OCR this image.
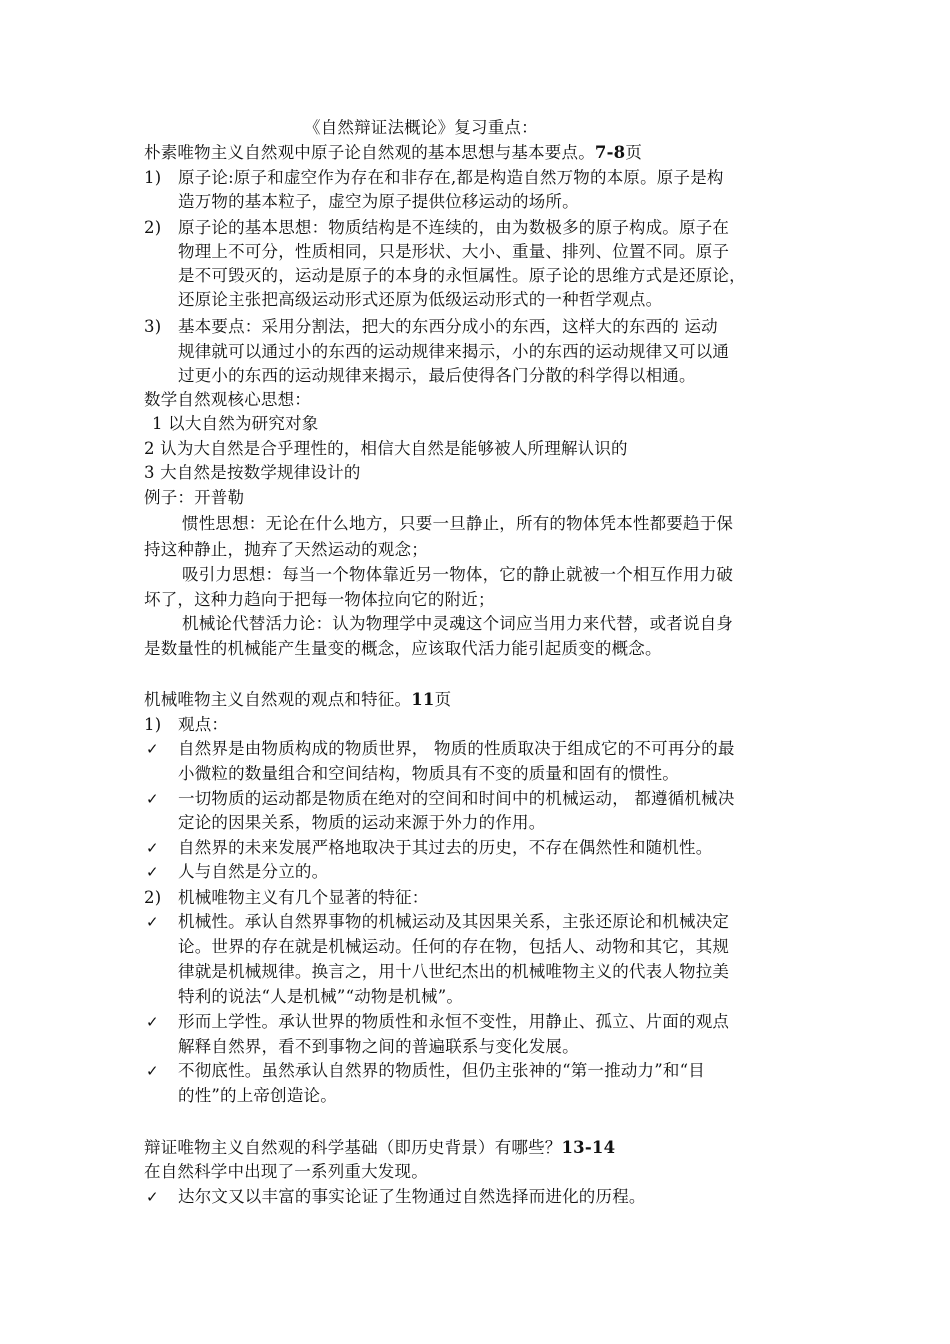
《自然辩证法概论》复习重点：
朴素唯物主义自然观中原子论自然观的基本思想与基本要点。7-8页
1)	原子论:原子和虚空作为存在和非存在,都是构造自然万物的本原。原子是构
造万物的基本粒子，虚空为原子提供位移运动的场所。
2)	原子论的基本思想：物质结构是不连续的，由为数极多的原子构成。原子在
物理上不可分，性质相同，只是形状、大小、重量、排列、位置不同。原子
是不可毁灭的，运动是原子的本身的永恒属性。原子论的思维方式是还原论，
还原论主张把高级运动形式还原为低级运动形式的一种哲学观点。
3)	基本要点：采用分割法，把大的东西分成小的东西，这样大的东西的 运动
规律就可以通过小的东西的运动规律来揭示，小的东西的运动规律又可以通
过更小的东西的运动规律来揭示，最后使得各门分散的科学得以相通。
数学自然观核心思想：
1 以大自然为研究对象
2 认为大自然是合乎理性的，相信大自然是能够被人所理解认识的
3 大自然是按数学规律设计的
例子：开普勒
惯性思想：无论在什么地方，只要一旦静止，所有的物体凭本性都要趋于保
持这种静止，抛弃了天然运动的观念；
吸引力思想：每当一个物体靠近另一物体，它的静止就被一个相互作用力破
坏了，这种力趋向于把每一物体拉向它的附近；
机械论代替活力论：认为物理学中灵魂这个词应当用力来代替，或者说自身
是数量性的机械能产生量变的概念，应该取代活力能引起质变的概念。
机械唯物主义自然观的观点和特征。11页
1)	观点：
✓	自然界是由物质构成的物质世界， 物质的性质取决于组成它的不可再分的最
小微粒的数量组合和空间结构，物质具有不变的质量和固有的惯性。
✓	一切物质的运动都是物质在绝对的空间和时间中的机械运动， 都遵循机械决
定论的因果关系，物质的运动来源于外力的作用。
✓	自然界的未来发展严格地取决于其过去的历史，不存在偶然性和随机性。
✓	人与自然是分立的。
2)	机械唯物主义有几个显著的特征：
✓	机械性。承认自然界事物的机械运动及其因果关系，主张还原论和机械决定
论。世界的存在就是机械运动。任何的存在物，包括人、动物和其它，其规
律就是机械规律。换言之，用十八世纪杰出的机械唯物主义的代表人物拉美
特利的说法“人是机械”“动物是机械”。
✓	形而上学性。承认世界的物质性和永恒不变性，用静止、孤立、片面的观点
解释自然界，看不到事物之间的普遍联系与变化发展。
✓	不彻底性。虽然承认自然界的物质性，但仍主张神的“第一推动力”和“目
的性”的上帝创造论。
辩证唯物主义自然观的科学基础（即历史背景）有哪些？13-14
在自然科学中出现了一系列重大发现。
✓	达尔文又以丰富的事实论证了生物通过自然选择而进化的历程。
